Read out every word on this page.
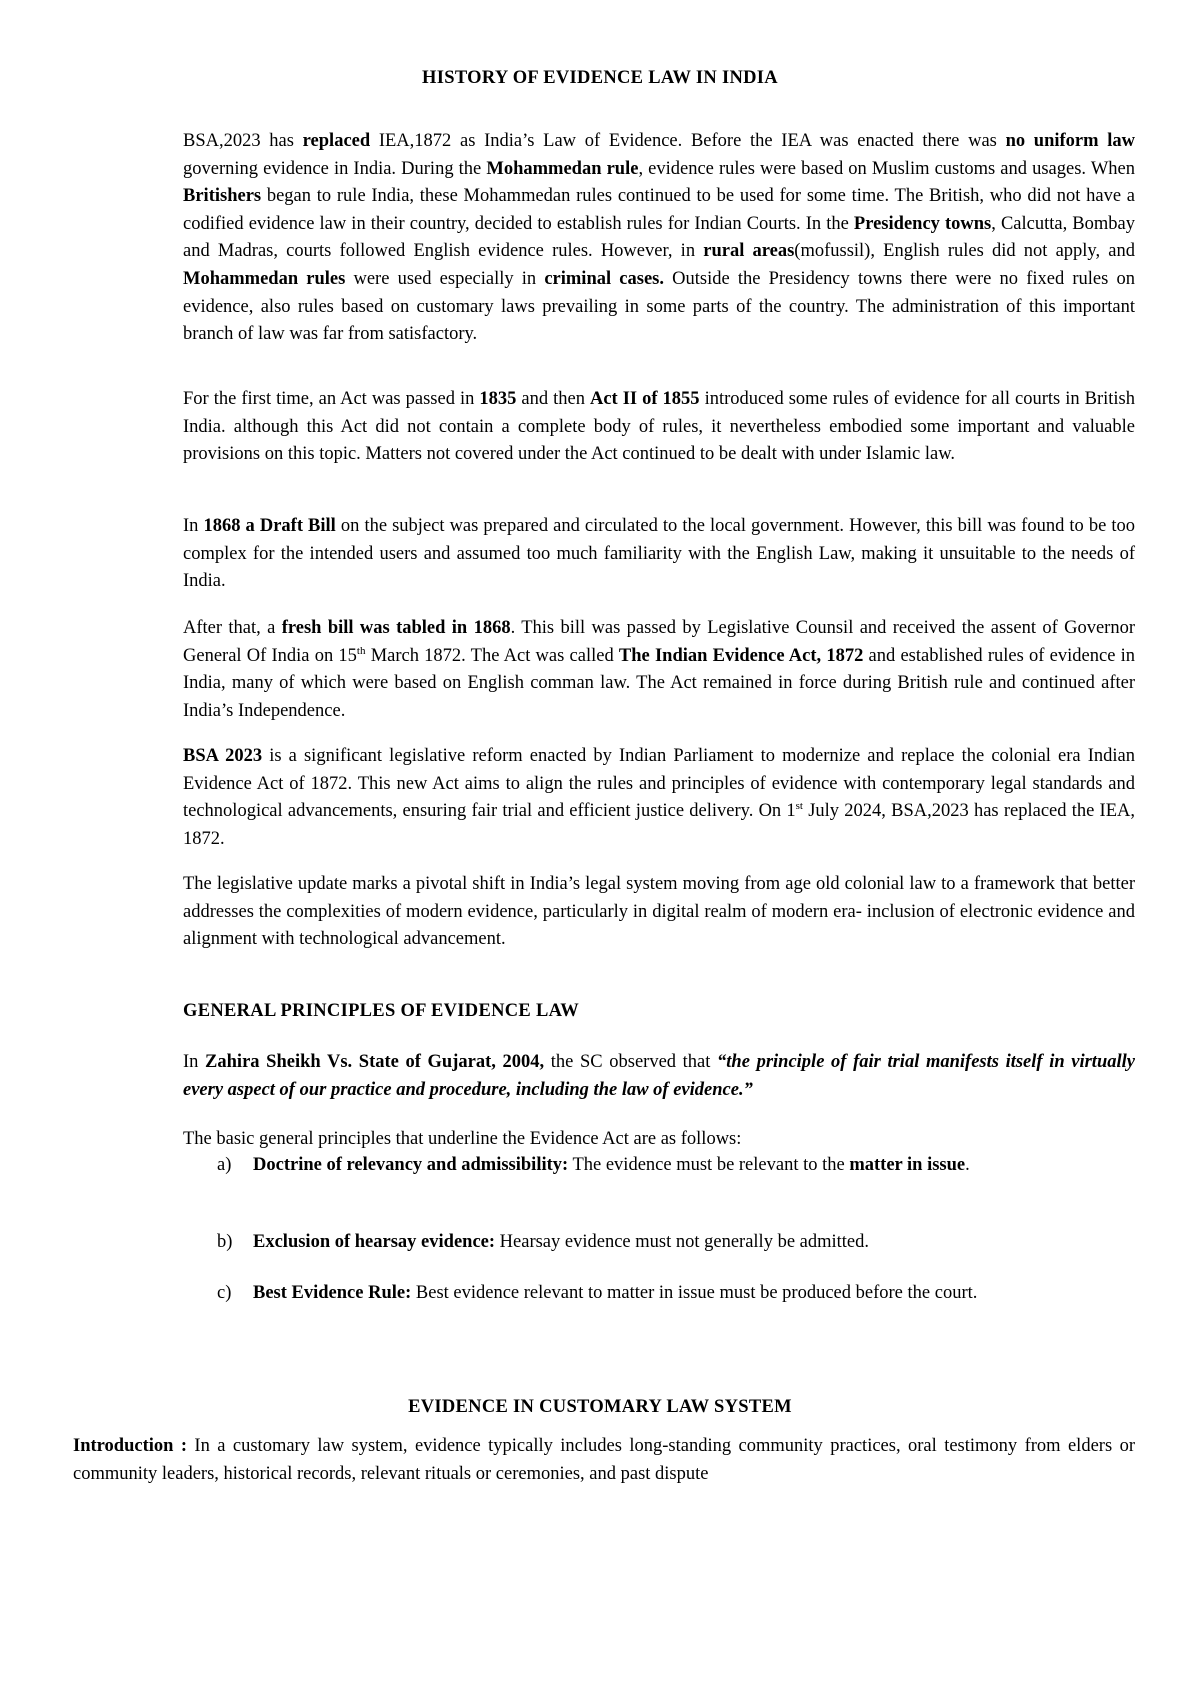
HISTORY OF EVIDENCE LAW IN INDIA

BSA,2023 has replaced IEA,1872 as India’s Law of Evidence. Before the IEA was enacted there was no uniform law governing evidence in India. During the Mohammedan rule, evidence rules were based on Muslim customs and usages. When Britishers began to rule India, these Mohammedan rules continued to be used for some time. The British, who did not have a codified evidence law in their country, decided to establish rules for Indian Courts. In the Presidency towns, Calcutta, Bombay and Madras, courts followed English evidence rules. However, in rural areas(mofussil), English rules did not apply, and Mohammedan rules were used especially in criminal cases. Outside the Presidency towns there were no fixed rules on evidence, also rules based on customary laws prevailing in some parts of the country. The administration of this important branch of law was far from satisfactory.

For the first time, an Act was passed in 1835 and then Act II of 1855 introduced some rules of evidence for all courts in British India. although this Act did not contain a complete body of rules, it nevertheless embodied some important and valuable provisions on this topic. Matters not covered under the Act continued to be dealt with under Islamic law.

In 1868 a Draft Bill on the subject was prepared and circulated to the local government. However, this bill was found to be too complex for the intended users and assumed too much familiarity with the English Law, making it unsuitable to the needs of India.

After that, a fresh bill was tabled in 1868. This bill was passed by Legislative Counsil and received the assent of Governor General Of India on 15th March 1872. The Act was called The Indian Evidence Act, 1872 and established rules of evidence in India, many of which were based on English comman law. The Act remained in force during British rule and continued after India’s Independence.

BSA 2023 is a significant legislative reform enacted by Indian Parliament to modernize and replace the colonial era Indian Evidence Act of 1872. This new Act aims to align the rules and principles of evidence with contemporary legal standards and technological advancements, ensuring fair trial and efficient justice delivery. On 1st July 2024, BSA,2023 has replaced the IEA, 1872.

The legislative update marks a pivotal shift in India’s legal system moving from age old colonial law to a framework that better addresses the complexities of modern evidence, particularly in digital realm of modern era- inclusion of electronic evidence and alignment with technological advancement.

GENERAL PRINCIPLES OF EVIDENCE LAW

In Zahira Sheikh Vs. State of Gujarat, 2004, the SC observed that “the principle of fair trial manifests itself in virtually every aspect of our practice and procedure, including the law of evidence.”

The basic general principles that underline the Evidence Act are as follows:

a) Doctrine of relevancy and admissibility: The evidence must be relevant to the matter in issue.
b) Exclusion of hearsay evidence: Hearsay evidence must not generally be admitted.
c) Best Evidence Rule: Best evidence relevant to matter in issue must be produced before the court.
EVIDENCE IN CUSTOMARY LAW SYSTEM

Introduction : In a customary law system, evidence typically includes long-standing community practices, oral testimony from elders or community leaders, historical records, relevant rituals or ceremonies, and past dispute
